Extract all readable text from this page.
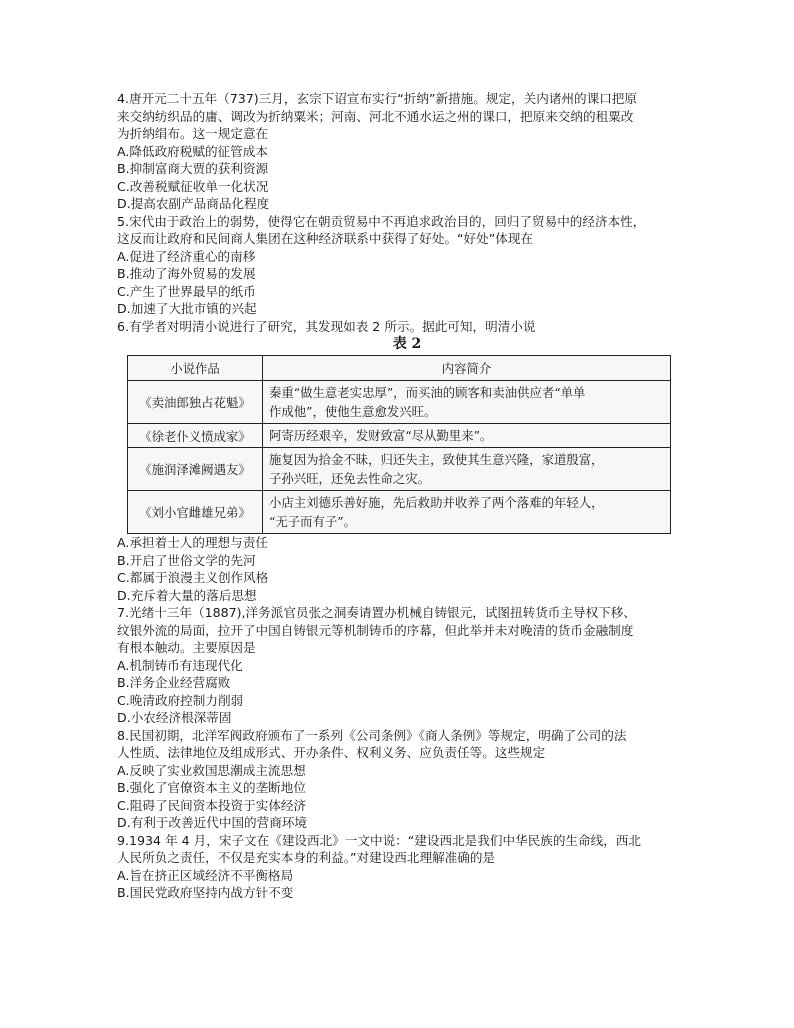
4.唐开元二十五年（737)三月，玄宗下诏宣布实行“折纳”新措施。规定，关内诸州的课口把原

来交纳纺织品的庸、调改为折纳粟米；河南、河北不通水运之州的课口，把原来交纳的租粟改

为折纳绢布。这一规定意在

A.降低政府税赋的征管成本

B.抑制富商大贾的获利资源

C.改善税赋征收单一化状况

D.提高农副产品商品化程度

5.宋代由于政治上的弱势，使得它在朝贡贸易中不再追求政治目的，回归了贸易中的经济本性，

这反而让政府和民间商人集团在这种经济联系中获得了好处。“好处”体现在

A.促进了经济重心的南移

B.推动了海外贸易的发展

C.产生了世界最早的纸币

D.加速了大批市镇的兴起

6.有学者对明清小说进行了研究，其发现如表 2 所示。据此可知，明清小说

表 2

小说作品	内容简介
《卖油郎独占花魁》	秦重“做生意老实忠厚”，而买油的顾客和卖油供应者“单单
作成他”，使他生意愈发兴旺。

《徐老仆义愤成家》	阿寄历经艰辛，发财致富“尽从勤里来”。

《施润泽滩阙遇友》	施复因为拾金不昧，归还失主，致使其生意兴隆，家道殷富，
子孙兴旺，还免去性命之灾。

《刘小官雌雄兄弟》	小店主刘德乐善好施，先后救助并收养了两个落难的年轻人，
“无子而有子”。

A.承担着士人的理想与责任

B.开启了世俗文学的先河

C.都属于浪漫主义创作风格

D.充斥着大量的落后思想

7.光绪十三年（1887),洋务派官员张之洞奏请置办机械自铸银元，试图扭转货币主导权下移、

纹银外流的局面，拉开了中国自铸银元等机制铸币的序幕，但此举并未对晚清的货币金融制度

有根本触动。主要原因是

A.机制铸币有违现代化

B.洋务企业经营腐败

C.晚清政府控制力削弱

D.小农经济根深蒂固

8.民国初期，北洋军阀政府颁布了一系列《公司条例》《商人条例》等规定，明确了公司的法

人性质、法律地位及组成形式、开办条件、权利义务、应负责任等。这些规定

A.反映了实业救国思潮成主流思想

B.强化了官僚资本主义的垄断地位

C.阻碍了民间资本投资于实体经济

D.有利于改善近代中国的营商环境

9.1934 年 4 月，宋子文在《建设西北》一文中说：“建设西北是我们中华民族的生命线，西北

人民所负之责任，不仅是充实本身的利益。”对建设西北理解准确的是

A.旨在挤正区域经济不平衡格局

B.国民党政府坚持内战方针不变
